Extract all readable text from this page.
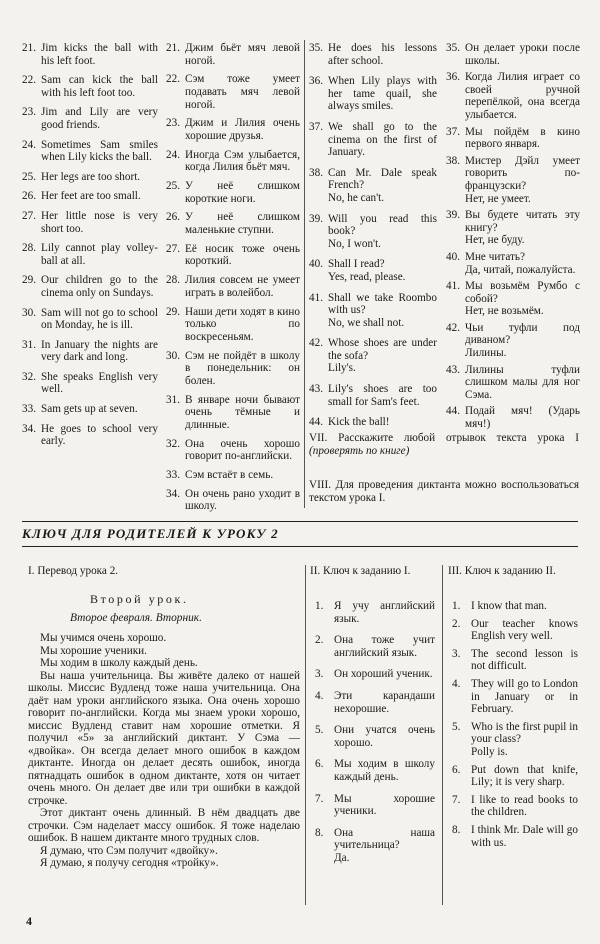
21. Jim kicks the ball with his left foot.
22. Sam can kick the ball with his left foot too.
23. Jim and Lily are very good friends.
24. Sometimes Sam smiles when Lily kicks the ball.
25. Her legs are too short.
26. Her feet are too small.
27. Her little nose is very short too.
28. Lily cannot play volley-ball at all.
29. Our children go to the cinema only on Sundays.
30. Sam will not go to school on Monday, he is ill.
31. In January the nights are very dark and long.
32. She speaks English very well.
33. Sam gets up at seven.
34. He goes to school very early.
21. Джим бьёт мяч левой ногой.
22. Сэм тоже умеет подавать мяч левой ногой.
23. Джим и Лилия очень хорошие друзья.
24. Иногда Сэм улыбается, когда Лилия бьёт мяч.
25. У неё слишком короткие ноги.
26. У неё слишком маленькие ступни.
27. Её носик тоже очень короткий.
28. Лилия совсем не умеет играть в волейбол.
29. Наши дети ходят в кино только по воскресеньям.
30. Сэм не пойдёт в школу в понедельник: он болен.
31. В январе ночи бывают очень тёмные и длинные.
32. Она очень хорошо говорит по-английски.
33. Сэм встаёт в семь.
34. Он очень рано уходит в школу.
35. He does his lessons after school.
36. When Lily plays with her tame quail, she always smiles.
37. We shall go to the cinema on the first of January.
38. Can Mr. Dale speak French?
No, he can't.
39. Will you read this book?
No, I won't.
40. Shall I read?
Yes, read, please.
41. Shall we take Roombo with us?
No, we shall not.
42. Whose shoes are under the sofa?
Lily's.
43. Lily's shoes are too small for Sam's feet.
44. Kick the ball!
35. Он делает уроки после школы.
36. Когда Лилия играет со своей ручной перепёлкой, она всегда улыбается.
37. Мы пойдём в кино первого января.
38. Мистер Дэйл умеет говорить по-французски?
Нет, не умеет.
39. Вы будете читать эту книгу?
Нет, не буду.
40. Мне читать?
Да, читай, пожалуйста.
41. Мы возьмём Румбо с собой?
Нет, не возьмём.
42. Чьи туфли под диваном?
Лилины.
43. Лилины туфли слишком малы для ног Сэма.
44. Подай мяч! (Ударь мяч!)
VII. Расскажите любой отрывок текста урока I (проверять по книге)
VIII. Для проведения диктанта можно воспользоваться текстом урока I.
КЛЮЧ ДЛЯ РОДИТЕЛЕЙ К УРОКУ 2
I. Перевод урока 2.
Второй урок.
Второе февраля. Вторник.

Мы учимся очень хорошо.

Мы хорошие ученики.

Мы ходим в школу каждый день.

Вы наша учительница. Вы живёте далеко от нашей школы. Миссис Вудленд тоже наша учительница. Она даёт нам уроки английского языка. Она очень хорошо говорит по-английски. Когда мы знаем уроки хорошо, миссис Вудленд ставит нам хорошие отметки. Я получил «5» за английский диктант. У Сэма — «двойка». Он всегда делает много ошибок в каждом диктанте. Иногда он делает десять ошибок, иногда пятнадцать ошибок в одном диктанте, хотя он читает очень много. Он делает две или три ошибки в каждой строчке.

Этот диктант очень длинный. В нём двадцать две строчки. Сэм наделает массу ошибок. Я тоже наделаю ошибок. В нашем диктанте много трудных слов.

Я думаю, что Сэм получит «двойку».

Я думаю, я получу сегодня «тройку».

II. Ключ к заданию I.
1. Я учу английский язык.
2. Она тоже учит английский язык.
3. Он хороший ученик.
4. Эти карандаши нехорошие.
5. Они учатся очень хорошо.
6. Мы ходим в школу каждый день.
7. Мы хорошие ученики.
8. Она наша учительница?
Да.
III. Ключ к заданию II.
1. I know that man.
2. Our teacher knows English very well.
3. The second lesson is not difficult.
4. They will go to London in January or in February.
5. Who is the first pupil in your class?
Polly is.
6. Put down that knife, Lily; it is very sharp.
7. I like to read books to the children.
8. I think Mr. Dale will go with us.
4
